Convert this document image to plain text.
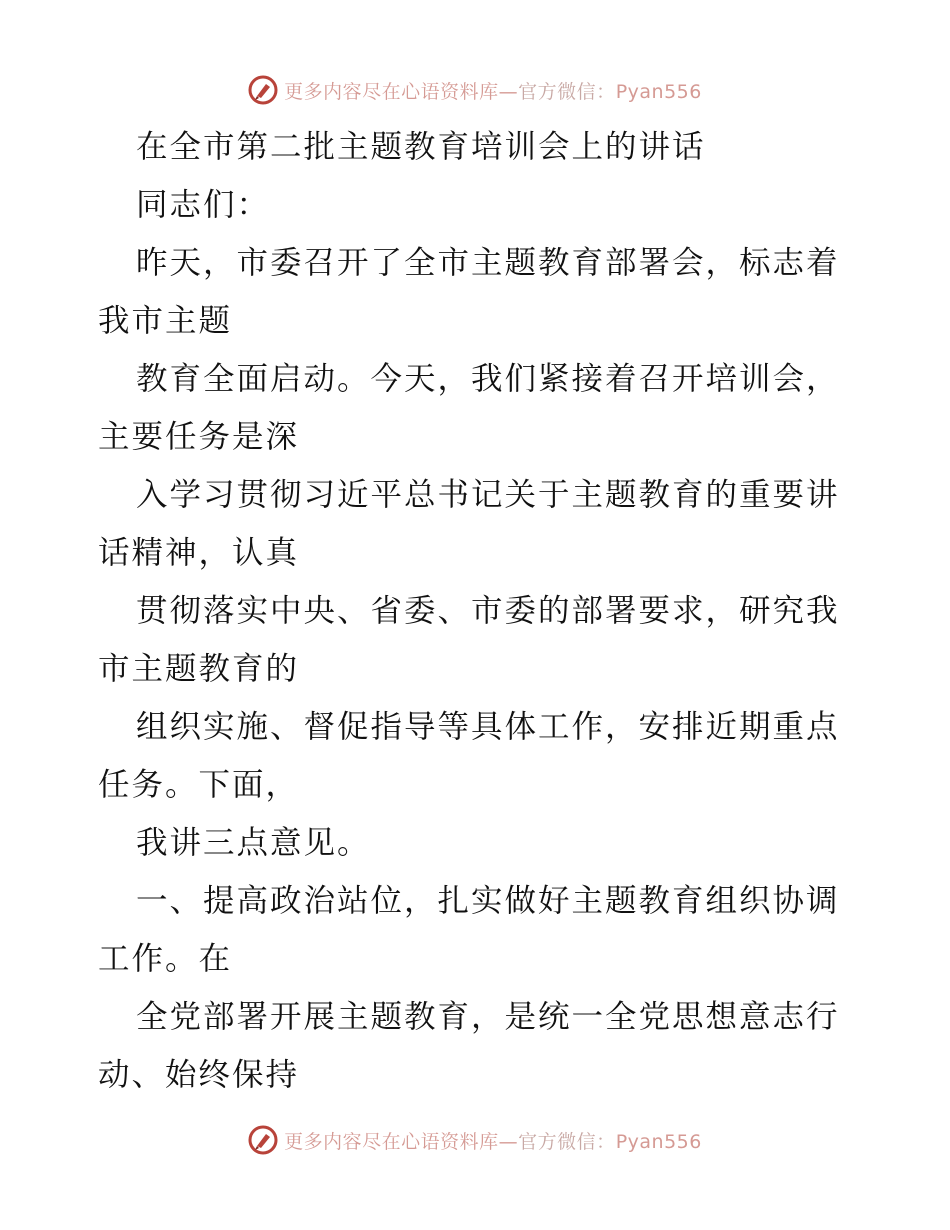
更多内容尽在心语资料库—官方微信：Pyan556
在全市第二批主题教育培训会上的讲话
同志们：
昨天，市委召开了全市主题教育部署会，标志着
我市主题
教育全面启动。今天，我们紧接着召开培训会，
主要任务是深
入学习贯彻习近平总书记关于主题教育的重要讲
话精神，认真
贯彻落实中央、省委、市委的部署要求，研究我
市主题教育的
组织实施、督促指导等具体工作，安排近期重点
任务。下面，
我讲三点意见。
一、提高政治站位，扎实做好主题教育组织协调
工作。在
全党部署开展主题教育，是统一全党思想意志行
动、始终保持
更多内容尽在心语资料库—官方微信：Pyan556
